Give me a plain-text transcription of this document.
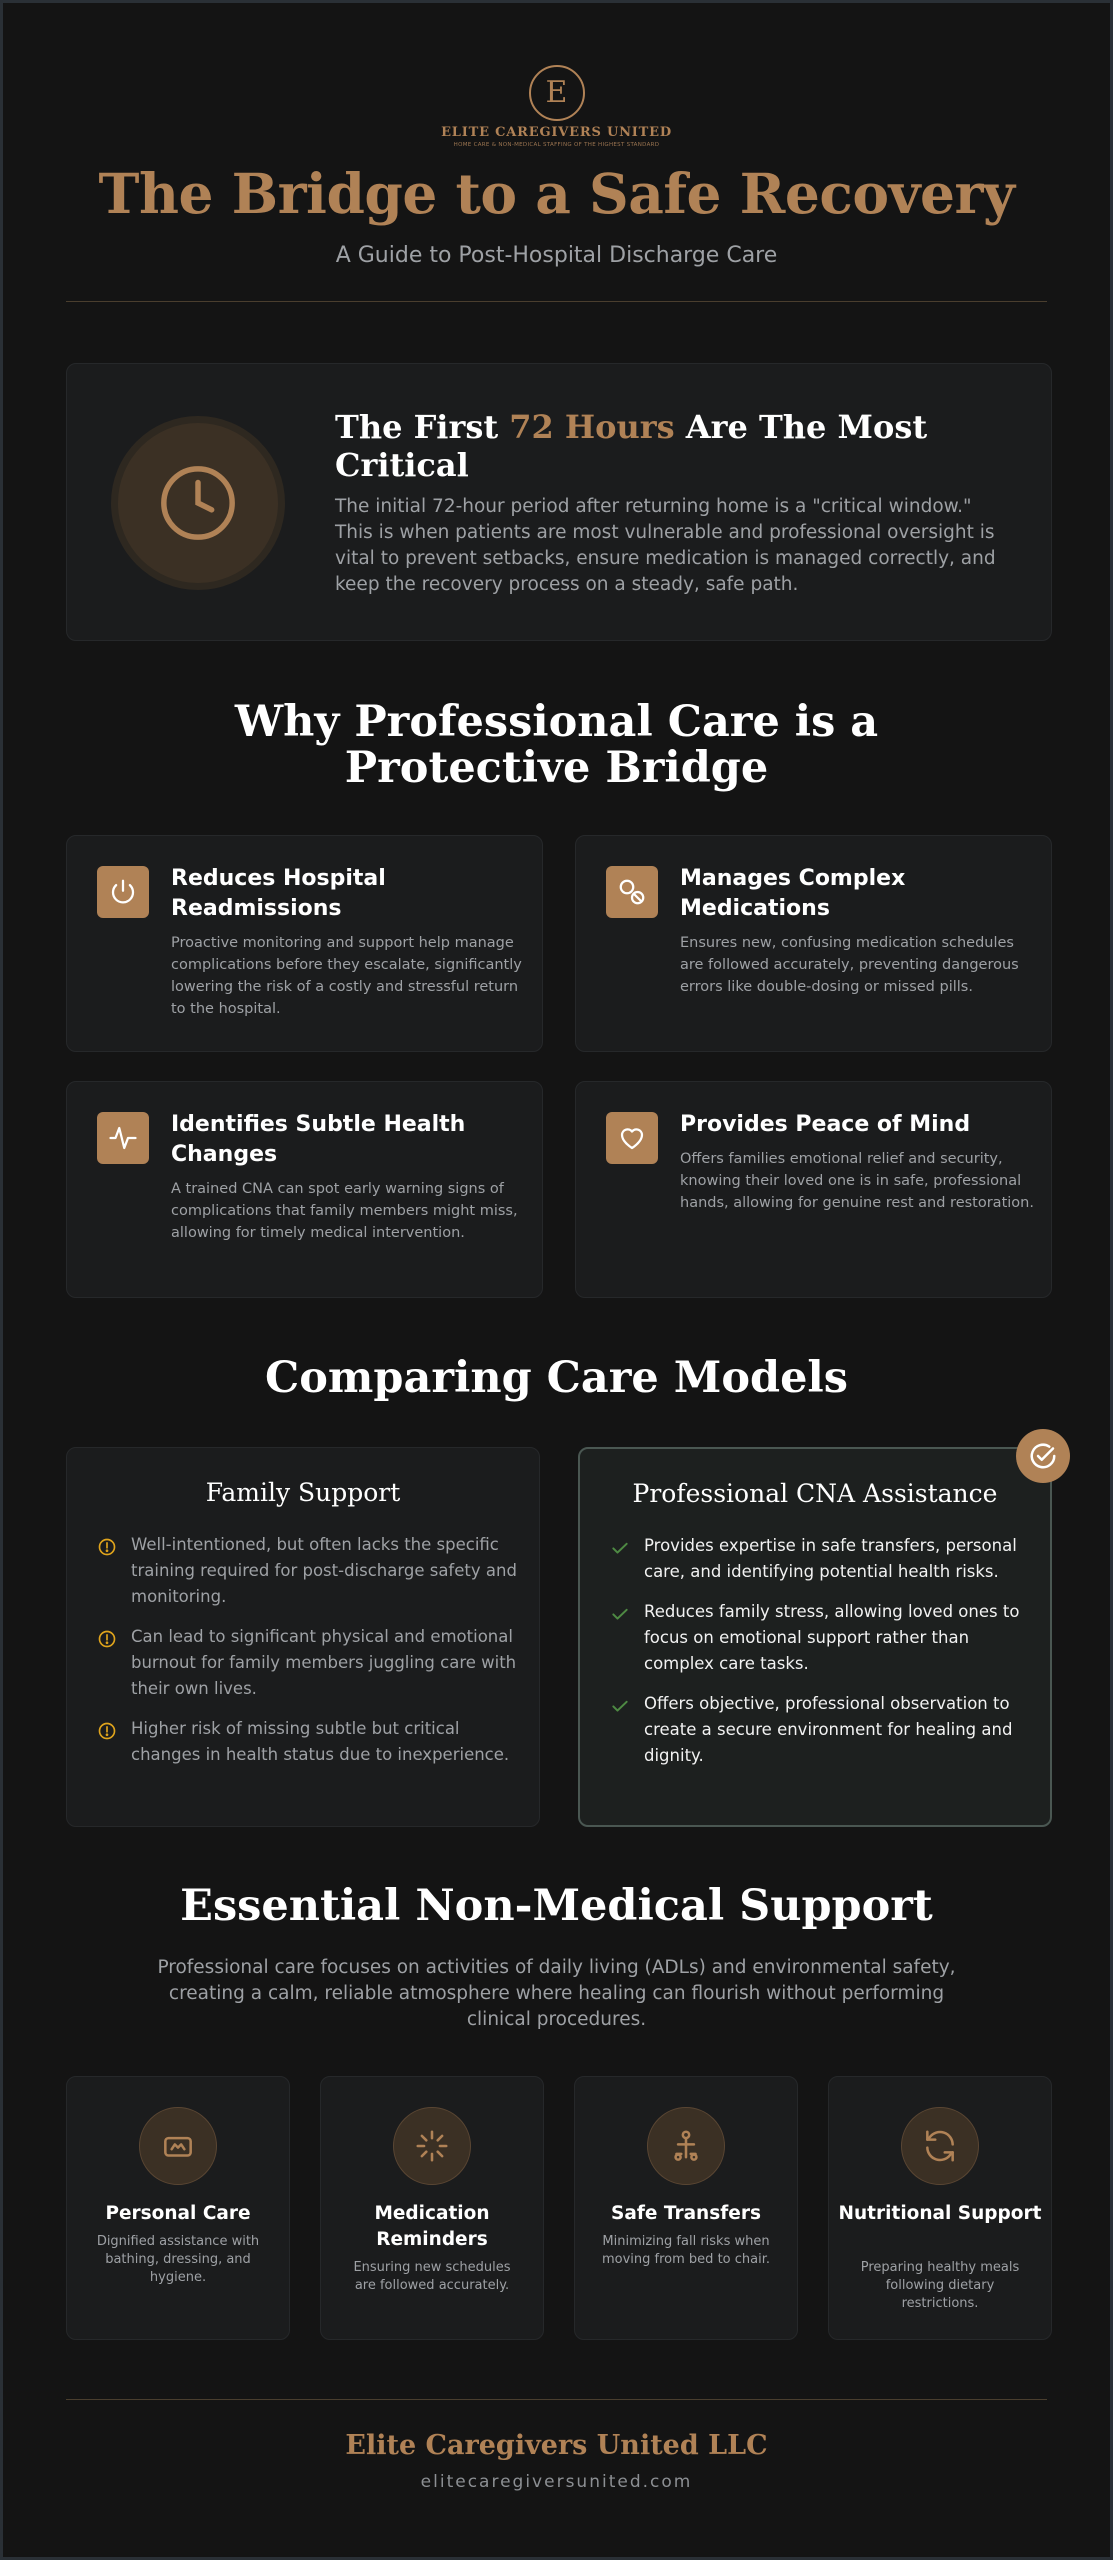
E
ELITE CAREGIVERS UNITED
HOME CARE & NON-MEDICAL STAFFING OF THE HIGHEST STANDARD
The Bridge to a Safe Recovery
A Guide to Post-Hospital Discharge Care
The First 72 Hours Are The Most Critical
The initial 72-hour period after returning home is a "critical window." This is when patients are most vulnerable and professional oversight is vital to prevent setbacks, ensure medication is managed correctly, and keep the recovery process on a steady, safe path.
Why Professional Care is a Protective Bridge
Reduces Hospital Readmissions
Proactive monitoring and support help manage complications before they escalate, significantly lowering the risk of a costly and stressful return to the hospital.
Manages Complex Medications
Ensures new, confusing medication schedules are followed accurately, preventing dangerous errors like double-dosing or missed pills.
Identifies Subtle Health Changes
A trained CNA can spot early warning signs of complications that family members might miss, allowing for timely medical intervention.
Provides Peace of Mind
Offers families emotional relief and security, knowing their loved one is in safe, professional hands, allowing for genuine rest and restoration.
Comparing Care Models
Family Support
Well-intentioned, but often lacks the specific training required for post-discharge safety and monitoring.
Can lead to significant physical and emotional burnout for family members juggling care with their own lives.
Higher risk of missing subtle but critical changes in health status due to inexperience.
Professional CNA Assistance
Provides expertise in safe transfers, personal care, and identifying potential health risks.
Reduces family stress, allowing loved ones to focus on emotional support rather than complex care tasks.
Offers objective, professional observation to create a secure environment for healing and dignity.
Essential Non-Medical Support
Professional care focuses on activities of daily living (ADLs) and environmental safety, creating a calm, reliable atmosphere where healing can flourish without performing clinical procedures.
Personal Care
Dignified assistance with bathing, dressing, and hygiene.
Medication Reminders
Ensuring new schedules are followed accurately.
Safe Transfers
Minimizing fall risks when moving from bed to chair.
Nutritional Support
Preparing healthy meals following dietary restrictions.
Elite Caregivers United LLC
elitecaregiversunited.com
